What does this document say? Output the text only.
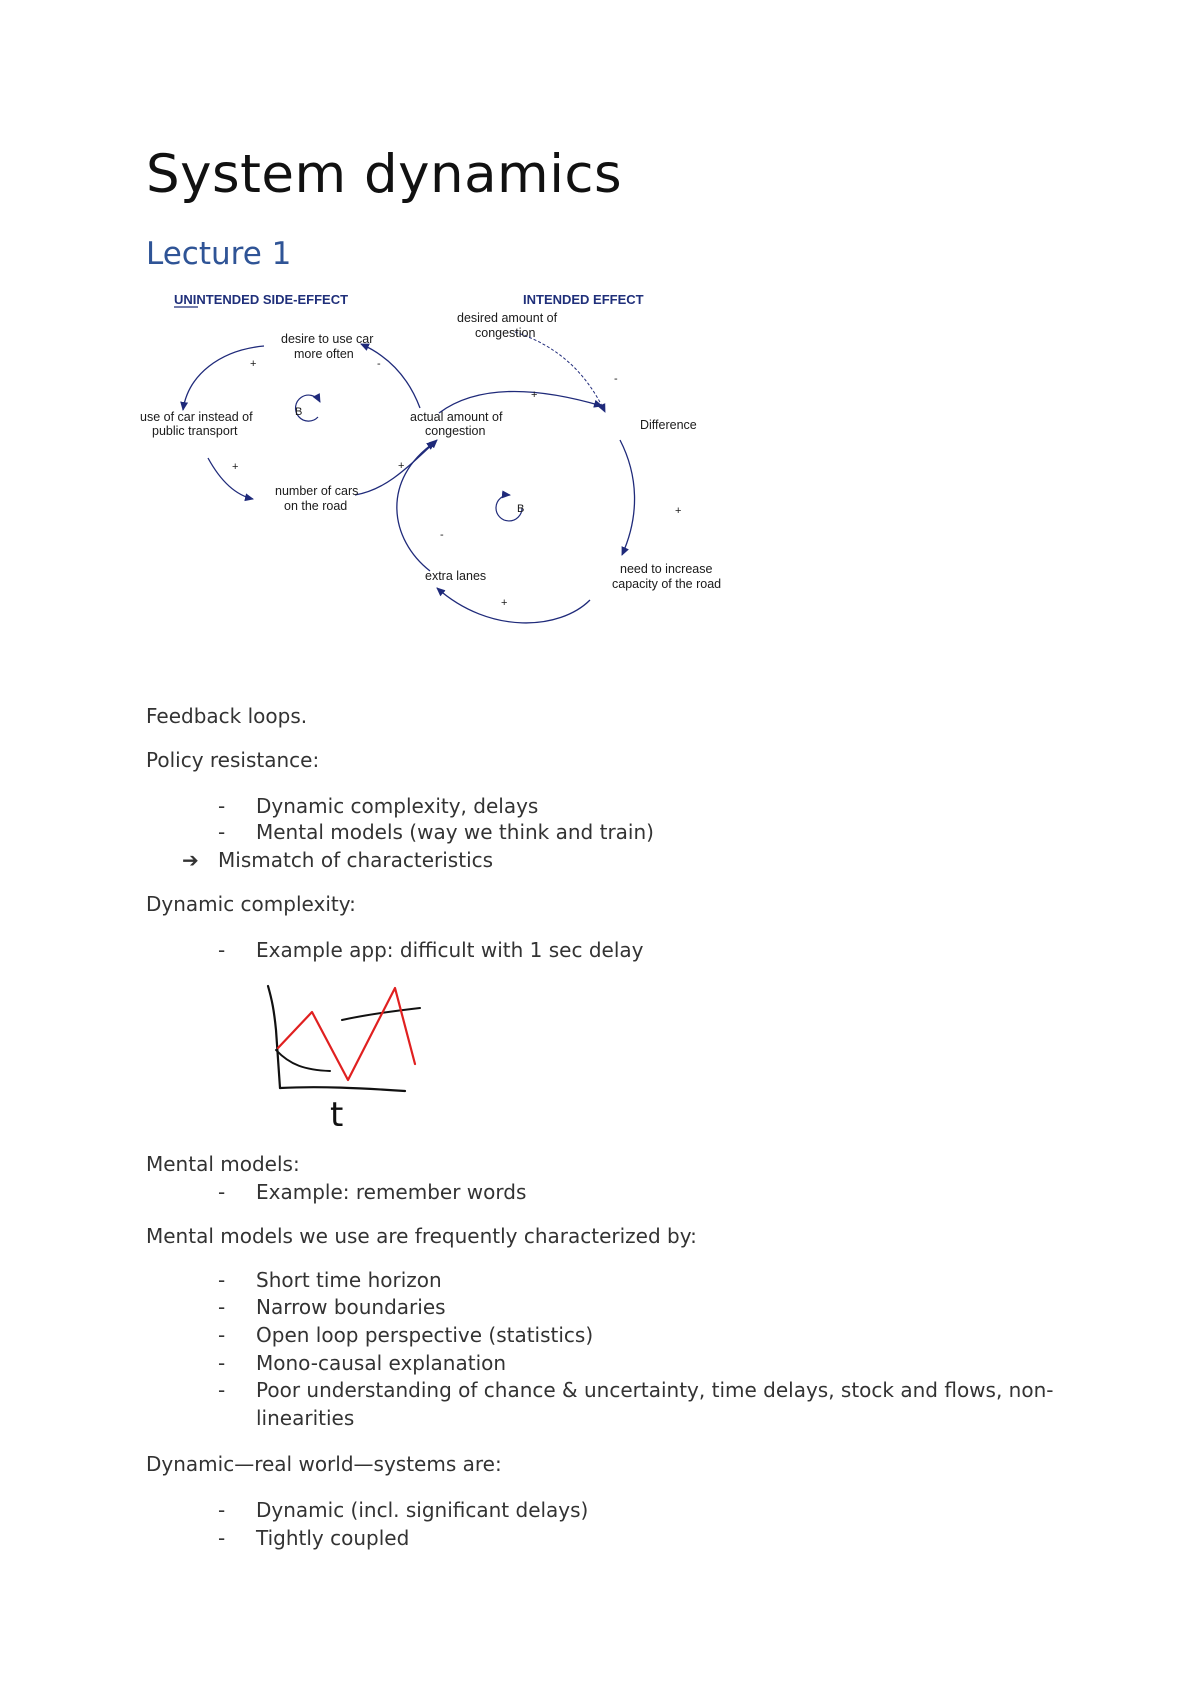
System dynamics
Lecture 1
UNINTENDED SIDE-EFFECT	INTENDED EFFECT
B
B
desire to use car
more often
use of car instead of
public transport
number of cars
on the road
actual amount of
congestion
desired amount of
congestion
Difference
need to increase
capacity of the road
extra lanes
+	-
+	+
+
-
+
-
+

Feedback loops.

Policy resistance:

- Dynamic complexity, delays
- Mental models (way we think and train)
➔ Mismatch of characteristics

Dynamic complexity:

- Example app: difficult with 1 sec delay
t

Mental models:

- Example: remember words

Mental models we use are frequently characterized by:

- Short time horizon
- Narrow boundaries
- Open loop perspective (statistics)
- Mono-causal explanation
- Poor understanding of chance & uncertainty, time delays, stock and flows, non-linearities

Dynamic—real world—systems are:

- Dynamic (incl. significant delays)
- Tightly coupled
